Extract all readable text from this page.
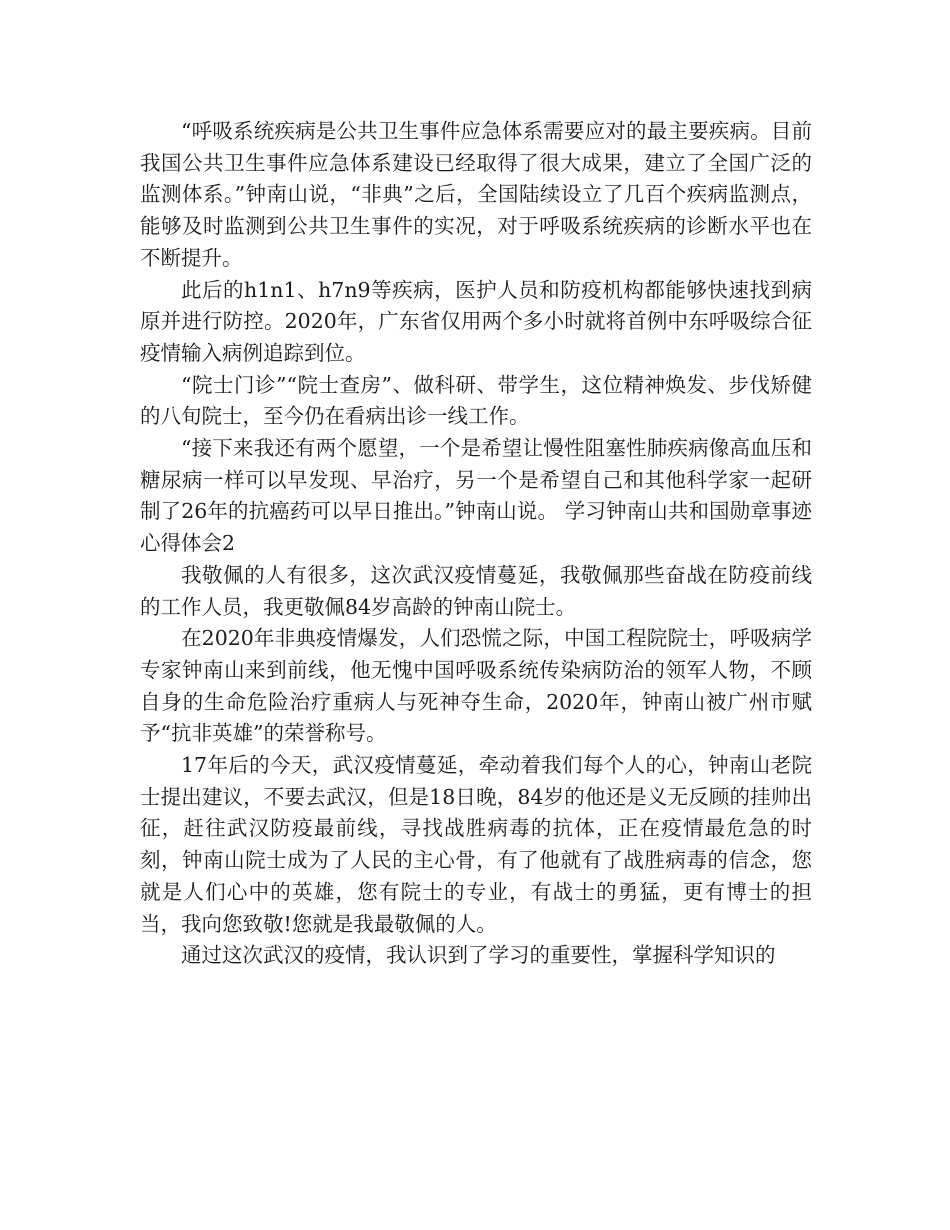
“呼吸系统疾病是公共卫生事件应急体系需要应对的最主要疾病。目前我国公共卫生事件应急体系建设已经取得了很大成果，建立了全国广泛的监测体系。”钟南山说，“非典”之后，全国陆续设立了几百个疾病监测点，能够及时监测到公共卫生事件的实况，对于呼吸系统疾病的诊断水平也在不断提升。

此后的h1n1、h7n9等疾病，医护人员和防疫机构都能够快速找到病原并进行防控。2020年，广东省仅用两个多小时就将首例中东呼吸综合征疫情输入病例追踪到位。

“院士门诊”“院士查房”、做科研、带学生，这位精神焕发、步伐矫健的八旬院士，至今仍在看病出诊一线工作。

“接下来我还有两个愿望，一个是希望让慢性阻塞性肺疾病像高血压和糖尿病一样可以早发现、早治疗，另一个是希望自己和其他科学家一起研制了26年的抗癌药可以早日推出。”钟南山说。 学习钟南山共和国勋章事迹心得体会2

我敬佩的人有很多，这次武汉疫情蔓延，我敬佩那些奋战在防疫前线的工作人员，我更敬佩84岁高龄的钟南山院士。

在2020年非典疫情爆发，人们恐慌之际，中国工程院院士，呼吸病学专家钟南山来到前线，他无愧中国呼吸系统传染病防治的领军人物，不顾自身的生命危险治疗重病人与死神夺生命，2020年，钟南山被广州市赋予“抗非英雄”的荣誉称号。

17年后的今天，武汉疫情蔓延，牵动着我们每个人的心，钟南山老院士提出建议，不要去武汉，但是18日晚，84岁的他还是义无反顾的挂帅出征，赶往武汉防疫最前线，寻找战胜病毒的抗体，正在疫情最危急的时刻，钟南山院士成为了人民的主心骨，有了他就有了战胜病毒的信念，您就是人们心中的英雄，您有院士的专业，有战士的勇猛，更有博士的担当，我向您致敬!您就是我最敬佩的人。

通过这次武汉的疫情，我认识到了学习的重要性，掌握科学知识的
